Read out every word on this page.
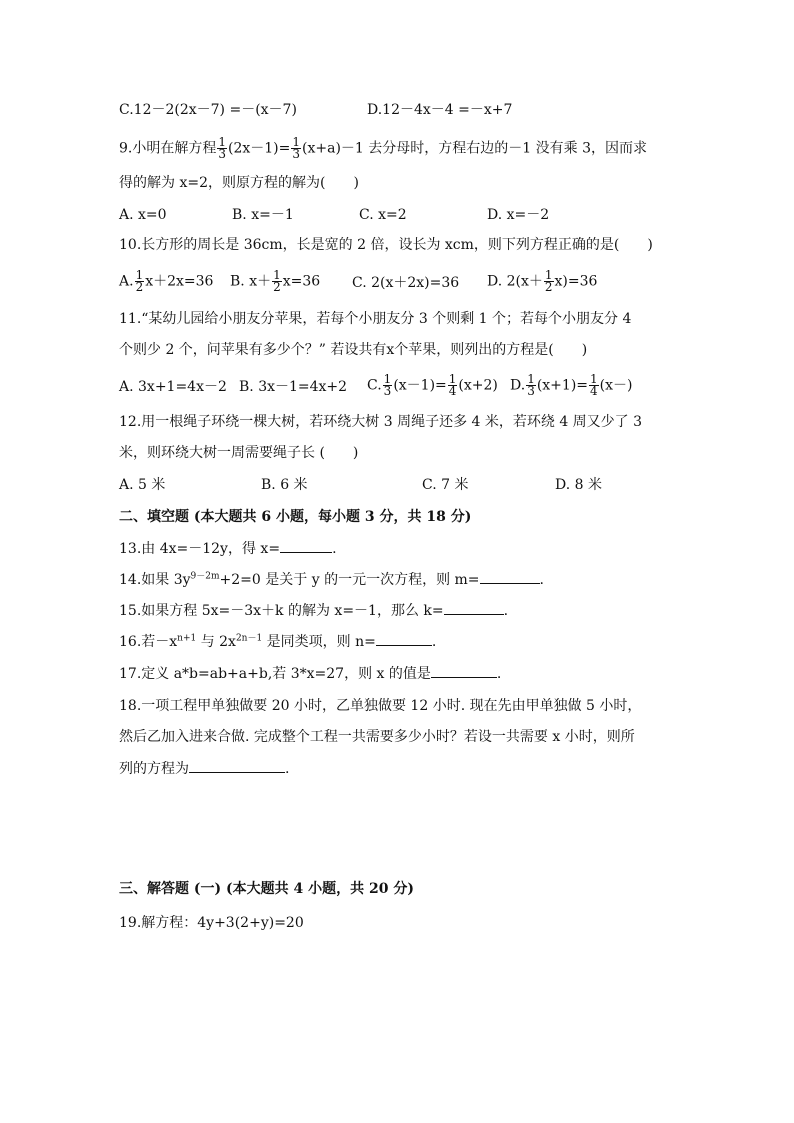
C.12－2(2x－7) =－(x－7)	D.12－4x－4 =－x+7
9.小明在解方程 $\frac{1}{3} (2x-1)= \frac{1}{3} (x+a)-1$ 去分母时，方程右边的－1 没有乘 3，因而求
得的解为 x=2，则原方程的解为(　　)
A. x=0	B. x=－1	C. x=2	D. x=－2
10.长方形的周长是 36cm，长是宽的 2 倍，设长为 xcm，则下列方程正确的是(　　)
A. $\frac{1}{2} x+2x=36$ B. $x+ \frac{1}{2} x=36$ C. 2(x＋2x)=36 D. $2(x+ \frac{1}{2} x)=36$
11.“某幼儿园给小朋友分苹果，若每个小朋友分 3 个则剩 1 个；若每个小朋友分 4
个则少 2 个，问苹果有多少个？” 若设共有x个苹果，则列出的方程是(　　)
A. 3x+1=4x－2 B. 3x－1=4x+2 C. $\frac{1}{3} (x-1)= \frac{1}{4} (x+2)$ D. $\frac{1}{3} (x+1)= \frac{1}{4} (x-)$
12.用一根绳子环绕一棵大树，若环绕大树 3 周绳子还多 4 米，若环绕 4 周又少了 3
米，则环绕大树一周需要绳子长 (　　)
A. 5 米	B. 6 米	C. 7 米	D. 8 米
二、填空题 (本大题共 6 小题，每小题 3 分，共 18 分)
13.由 4x=－12y，得 x=	.
14.如果 $3y^{9-2m}+2=0$ 是关于 y 的一元一次方程，则 m=	.
15.如果方程 5x=－3x＋k 的解为 x=－1，那么 k=	.
16.若$-x^{n+1}$ 与 $2x^{2n-1}$ 是同类项，则 n=	.
17.定义 a*b=ab+a+b,若 3*x=27，则 x 的值是	.
18.一项工程甲单独做要 20 小时，乙单独做要 12 小时. 现在先由甲单独做 5 小时，
然后乙加入进来合做. 完成整个工程一共需要多少小时？若设一共需要 x 小时，则所
列的方程为	.
三、解答题 (一) (本大题共 4 小题，共 20 分)
19.解方程：4y+3(2+y)=20
